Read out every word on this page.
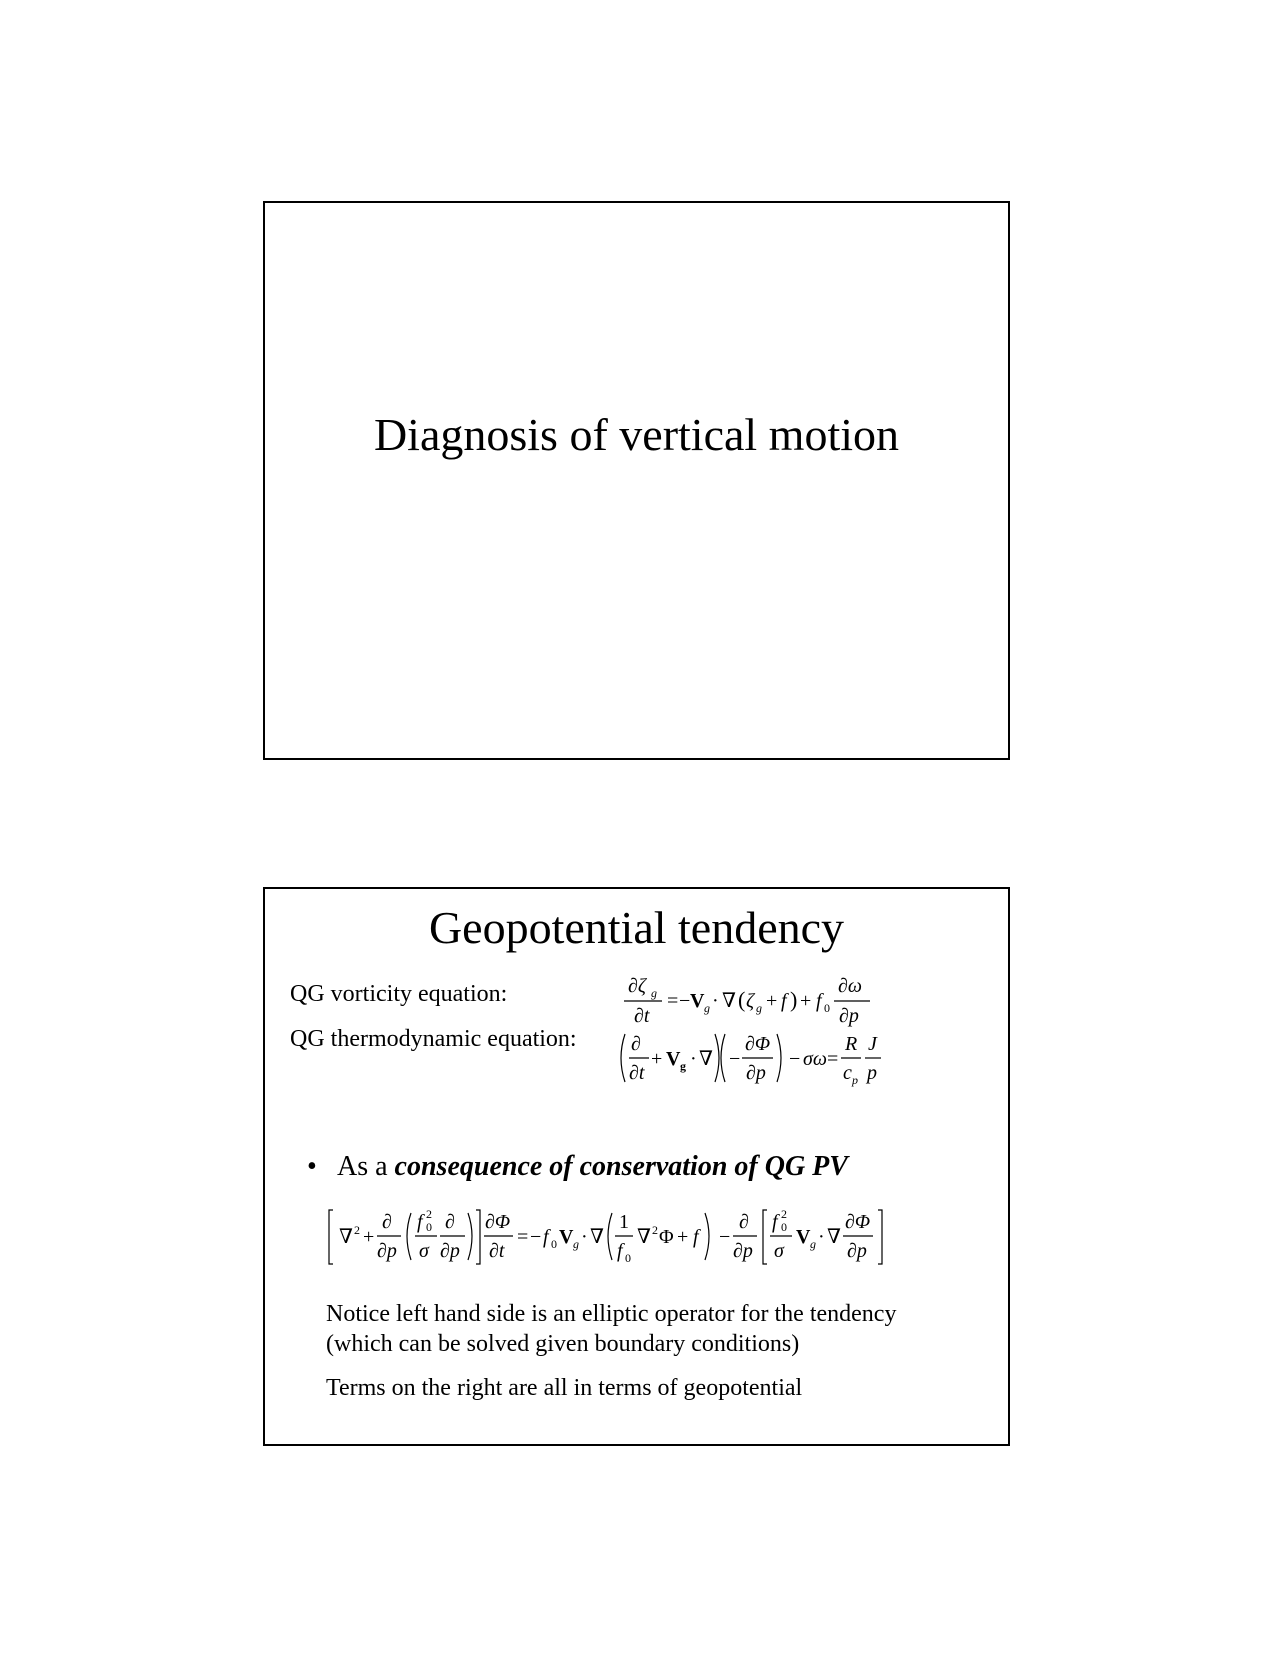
Diagnosis of vertical motion
Geopotential tendency
QG vorticity equation:
QG thermodynamic equation:
∂ζ g
∂t
= − V g · ∇ ( ζ g + f ) + f 0
∂ω
∂p
∂
∂t
+ V g · ∇ −
∂Φ
∂p
− σω =
R
c p
J
p
• As a consequence of conservation of QG PV
∇ 2 +
∂
∂p
f 0
2
σ
∂
∂p
∂Φ
∂t
= − f 0 V g · ∇
1
f 0
∇ 2 Φ + f −
∂
∂p
f 0
2
σ
V g · ∇
∂Φ
∂p
Notice left hand side is an elliptic operator for the tendency
(which can be solved given boundary conditions)
Terms on the right are all in terms of geopotential
